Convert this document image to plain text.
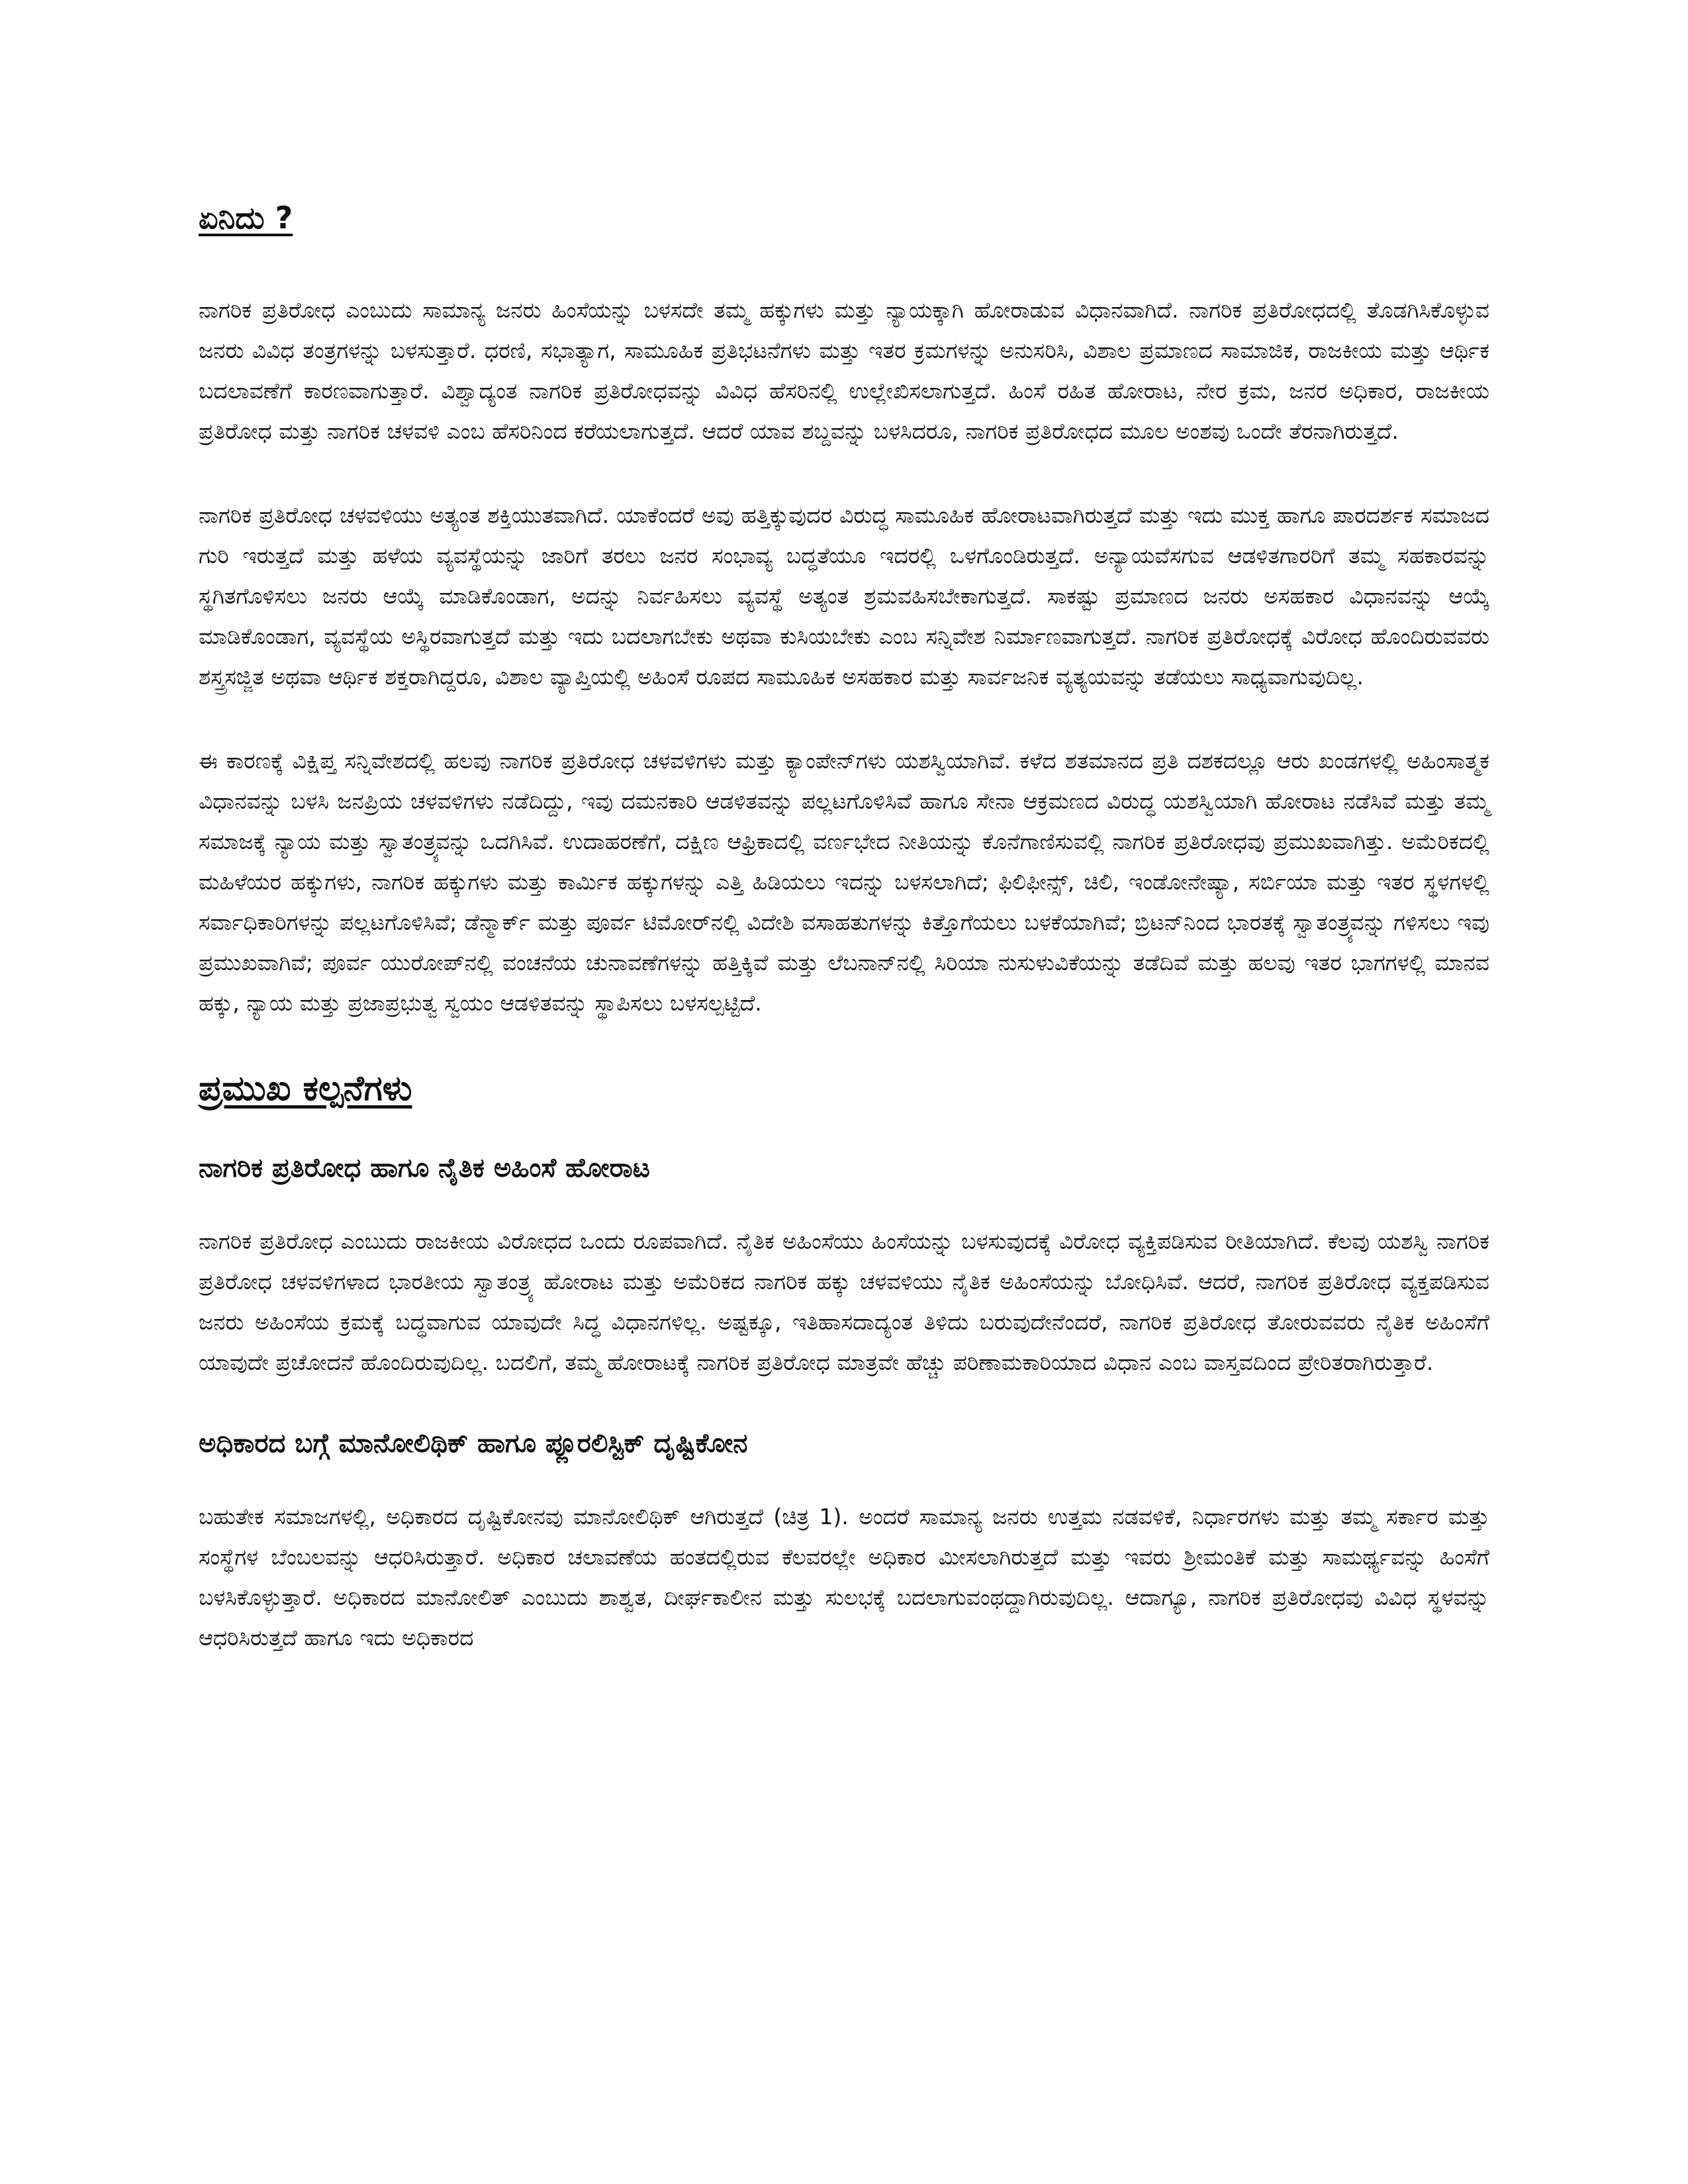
ಏನಿದು ?

ನಾಗರಿಕ ಪ್ರತಿರೋಧ ಎಂಬುದು ಸಾಮಾನ್ಯ ಜನರು ಹಿಂಸೆಯನ್ನು ಬಳಸದೇ ತಮ್ಮ ಹಕ್ಕುಗಳು ಮತ್ತು ನ್ಯಾಯಕ್ಕಾಗಿ ಹೋರಾಡುವ ವಿಧಾನವಾಗಿದೆ. ನಾಗರಿಕ ಪ್ರತಿರೋಧದಲ್ಲಿ ತೊಡಗಿಸಿಕೊಳ್ಳುವ ಜನರು ವಿವಿಧ ತಂತ್ರಗಳನ್ನು ಬಳಸುತ್ತಾರೆ. ಧರಣಿ, ಸಭಾತ್ಯಾಗ, ಸಾಮೂಹಿಕ ಪ್ರತಿಭಟನೆಗಳು ಮತ್ತು ಇತರ ಕ್ರಮಗಳನ್ನು ಅನುಸರಿಸಿ, ವಿಶಾಲ ಪ್ರಮಾಣದ ಸಾಮಾಜಿಕ, ರಾಜಕೀಯ ಮತ್ತು ಆರ್ಥಿಕ ಬದಲಾವಣೆಗೆ ಕಾರಣವಾಗುತ್ತಾರೆ. ವಿಶ್ವಾದ್ಯಂತ ನಾಗರಿಕ ಪ್ರತಿರೋಧವನ್ನು ವಿವಿಧ ಹೆಸರಿನಲ್ಲಿ ಉಲ್ಲೇಖಿಸಲಾಗುತ್ತದೆ. ಹಿಂಸೆ ರಹಿತ ಹೋರಾಟ, ನೇರ ಕ್ರಮ, ಜನರ ಅಧಿಕಾರ, ರಾಜಕೀಯ ಪ್ರತಿರೋಧ ಮತ್ತು ನಾಗರಿಕ ಚಳವಳಿ ಎಂಬ ಹೆಸರಿನಿಂದ ಕರೆಯಲಾಗುತ್ತದೆ. ಆದರೆ ಯಾವ ಶಬ್ದವನ್ನು ಬಳಸಿದರೂ, ನಾಗರಿಕ ಪ್ರತಿರೋಧದ ಮೂಲ ಅಂಶವು ಒಂದೇ ತೆರನಾಗಿರುತ್ತದೆ.

ನಾಗರಿಕ ಪ್ರತಿರೋಧ ಚಳವಳಿಯು ಅತ್ಯಂತ ಶಕ್ತಿಯುತವಾಗಿದೆ. ಯಾಕೆಂದರೆ ಅವು ಹತ್ತಿಕ್ಕುವುದರ ವಿರುದ್ಧ ಸಾಮೂಹಿಕ ಹೋರಾಟವಾಗಿರುತ್ತದೆ ಮತ್ತು ಇದು ಮುಕ್ತ ಹಾಗೂ ಪಾರದರ್ಶಕ ಸಮಾಜದ ಗುರಿ ಇರುತ್ತದೆ ಮತ್ತು ಹಳೆಯ ವ್ಯವಸ್ಥೆಯನ್ನು ಜಾರಿಗೆ ತರಲು ಜನರ ಸಂಭಾವ್ಯ ಬದ್ಧತೆಯೂ ಇದರಲ್ಲಿ ಒಳಗೊಂಡಿರುತ್ತದೆ. ಅನ್ಯಾಯವೆಸಗುವ ಆಡಳಿತಗಾರರಿಗೆ ತಮ್ಮ ಸಹಕಾರವನ್ನು ಸ್ಥಗಿತಗೊಳಿಸಲು ಜನರು ಆಯ್ಕೆ ಮಾಡಿಕೊಂಡಾಗ, ಅದನ್ನು ನಿರ್ವಹಿಸಲು ವ್ಯವಸ್ಥೆ ಅತ್ಯಂತ ಶ್ರಮವಹಿಸಬೇಕಾಗುತ್ತದೆ. ಸಾಕಷ್ಟು ಪ್ರಮಾಣದ ಜನರು ಅಸಹಕಾರ ವಿಧಾನವನ್ನು ಆಯ್ಕೆ ಮಾಡಿಕೊಂಡಾಗ, ವ್ಯವಸ್ಥೆಯ ಅಸ್ಥಿರವಾಗುತ್ತದೆ ಮತ್ತು ಇದು ಬದಲಾಗಬೇಕು ಅಥವಾ ಕುಸಿಯಬೇಕು ಎಂಬ ಸನ್ನಿವೇಶ ನಿರ್ಮಾಣವಾಗುತ್ತದೆ. ನಾಗರಿಕ ಪ್ರತಿರೋಧಕ್ಕೆ ವಿರೋಧ ಹೊಂದಿರುವವರು ಶಸ್ತ್ರಸಜ್ಜಿತ ಅಥವಾ ಆರ್ಥಿಕ ಶಕ್ತರಾಗಿದ್ದರೂ, ವಿಶಾಲ ವ್ಯಾಪ್ತಿಯಲ್ಲಿ ಅಹಿಂಸೆ ರೂಪದ ಸಾಮೂಹಿಕ ಅಸಹಕಾರ ಮತ್ತು ಸಾರ್ವಜನಿಕ ವ್ಯತ್ಯಯವನ್ನು ತಡೆಯಲು ಸಾಧ್ಯವಾಗುವುದಿಲ್ಲ.

ಈ ಕಾರಣಕ್ಕೆ ವಿಕ್ಷಿಪ್ತ ಸನ್ನಿವೇಶದಲ್ಲಿ ಹಲವು ನಾಗರಿಕ ಪ್ರತಿರೋಧ ಚಳವಳಿಗಳು ಮತ್ತು ಕ್ಯಾಂಪೇನ್‌ಗಳು ಯಶಸ್ವಿಯಾಗಿವೆ. ಕಳೆದ ಶತಮಾನದ ಪ್ರತಿ ದಶಕದಲ್ಲೂ ಆರು ಖಂಡಗಳಲ್ಲಿ ಅಹಿಂಸಾತ್ಮಕ ವಿಧಾನವನ್ನು ಬಳಸಿ ಜನಪ್ರಿಯ ಚಳವಳಿಗಳು ನಡೆದಿದ್ದು, ಇವು ದಮನಕಾರಿ ಆಡಳಿತವನ್ನು ಪಲ್ಲಟಗೊಳಿಸಿವೆ ಹಾಗೂ ಸೇನಾ ಆಕ್ರಮಣದ ವಿರುದ್ಧ ಯಶಸ್ವಿಯಾಗಿ ಹೋರಾಟ ನಡೆಸಿವೆ ಮತ್ತು ತಮ್ಮ ಸಮಾಜಕ್ಕೆ ನ್ಯಾಯ ಮತ್ತು ಸ್ವಾತಂತ್ರ್ಯವನ್ನು ಒದಗಿಸಿವೆ. ಉದಾಹರಣೆಗೆ, ದಕ್ಷಿಣ ಆಫ್ರಿಕಾದಲ್ಲಿ ವರ್ಣಭೇದ ನೀತಿಯನ್ನು ಕೊನೆಗಾಣಿಸುವಲ್ಲಿ ನಾಗರಿಕ ಪ್ರತಿರೋಧವು ಪ್ರಮುಖವಾಗಿತ್ತು. ಅಮೆರಿಕದಲ್ಲಿ ಮಹಿಳೆಯರ ಹಕ್ಕುಗಳು, ನಾಗರಿಕ ಹಕ್ಕುಗಳು ಮತ್ತು ಕಾರ್ಮಿಕ ಹಕ್ಕುಗಳನ್ನು ಎತ್ತಿ ಹಿಡಿಯಲು ಇದನ್ನು ಬಳಸಲಾಗಿದೆ; ಫಿಲಿಫೀನ್ಸ್, ಚಿಲಿ, ಇಂಡೋನೇಷ್ಯಾ, ಸರ್ಬಿಯಾ ಮತ್ತು ಇತರ ಸ್ಥಳಗಳಲ್ಲಿ ಸರ್ವಾಧಿಕಾರಿಗಳನ್ನು ಪಲ್ಲಟಗೊಳಿಸಿವೆ; ಡೆನ್ಮಾರ್ಕ್ ಮತ್ತು ಪೂರ್ವ ಟಿಮೋರ್‌ನಲ್ಲಿ ವಿದೇಶಿ ವಸಾಹತುಗಳನ್ನು ಕಿತ್ತೊಗೆಯಲು ಬಳಕೆಯಾಗಿವೆ; ಬ್ರಿಟನ್‌ನಿಂದ ಭಾರತಕ್ಕೆ ಸ್ವಾತಂತ್ರ್ಯವನ್ನು ಗಳಿಸಲು ಇವು ಪ್ರಮುಖವಾಗಿವೆ; ಪೂರ್ವ ಯುರೋಪ್‌ನಲ್ಲಿ ವಂಚನೆಯ ಚುನಾವಣೆಗಳನ್ನು ಹತ್ತಿಕ್ಕಿವೆ ಮತ್ತು ಲೆಬನಾನ್‌ನಲ್ಲಿ ಸಿರಿಯಾ ನುಸುಳುವಿಕೆಯನ್ನು ತಡೆದಿವೆ ಮತ್ತು ಹಲವು ಇತರ ಭಾಗಗಳಲ್ಲಿ ಮಾನವ ಹಕ್ಕು, ನ್ಯಾಯ ಮತ್ತು ಪ್ರಜಾಪ್ರಭುತ್ವ ಸ್ವಯಂ ಆಡಳಿತವನ್ನು ಸ್ಥಾಪಿಸಲು ಬಳಸಲ್ಪಟ್ಟಿದೆ.

ಪ್ರಮುಖ ಕಲ್ಪನೆಗಳು
ನಾಗರಿಕ ಪ್ರತಿರೋಧ ಹಾಗೂ ನೈತಿಕ ಅಹಿಂಸೆ ಹೋರಾಟ

ನಾಗರಿಕ ಪ್ರತಿರೋಧ ಎಂಬುದು ರಾಜಕೀಯ ವಿರೋಧದ ಒಂದು ರೂಪವಾಗಿದೆ. ನೈತಿಕ ಅಹಿಂಸೆಯು ಹಿಂಸೆಯನ್ನು ಬಳಸುವುದಕ್ಕೆ ವಿರೋಧ ವ್ಯಕ್ತಿಪಡಿಸುವ ರೀತಿಯಾಗಿದೆ. ಕೆಲವು ಯಶಸ್ವಿ ನಾಗರಿಕ ಪ್ರತಿರೋಧ ಚಳವಳಿಗಳಾದ ಭಾರತೀಯ ಸ್ವಾತಂತ್ರ್ಯ ಹೋರಾಟ ಮತ್ತು ಅಮೆರಿಕದ ನಾಗರಿಕ ಹಕ್ಕು ಚಳವಳಿಯು ನೈತಿಕ ಅಹಿಂಸೆಯನ್ನು ಬೋಧಿಸಿವೆ. ಆದರೆ, ನಾಗರಿಕ ಪ್ರತಿರೋಧ ವ್ಯಕ್ತಪಡಿಸುವ ಜನರು ಅಹಿಂಸೆಯ ಕ್ರಮಕ್ಕೆ ಬದ್ಧವಾಗುವ ಯಾವುದೇ ಸಿದ್ಧ ವಿಧಾನಗಳಿಲ್ಲ. ಅಷ್ಟಕ್ಕೂ, ಇತಿಹಾಸದಾದ್ಯಂತ ತಿಳಿದು ಬರುವುದೇನೆಂದರೆ, ನಾಗರಿಕ ಪ್ರತಿರೋಧ ತೋರುವವರು ನೈತಿಕ ಅಹಿಂಸೆಗೆ ಯಾವುದೇ ಪ್ರಚೋದನೆ ಹೊಂದಿರುವುದಿಲ್ಲ. ಬದಲಿಗೆ, ತಮ್ಮ ಹೋರಾಟಕ್ಕೆ ನಾಗರಿಕ ಪ್ರತಿರೋಧ ಮಾತ್ರವೇ ಹೆಚ್ಚು ಪರಿಣಾಮಕಾರಿಯಾದ ವಿಧಾನ ಎಂಬ ವಾಸ್ತವದಿಂದ ಪ್ರೇರಿತರಾಗಿರುತ್ತಾರೆ.

ಅಧಿಕಾರದ ಬಗ್ಗೆ ಮಾನೋಲಿಥಿಕ್ ಹಾಗೂ ಪ್ಲೂರಲಿಸ್ಟಿಕ್ ದೃಷ್ಟಿಕೋನ

ಬಹುತೇಕ ಸಮಾಜಗಳಲ್ಲಿ, ಅಧಿಕಾರದ ದೃಷ್ಟಿಕೋನವು ಮಾನೋಲಿಥಿಕ್ ಆಗಿರುತ್ತದೆ (ಚಿತ್ರ 1). ಅಂದರೆ ಸಾಮಾನ್ಯ ಜನರು ಉತ್ತಮ ನಡವಳಿಕೆ, ನಿರ್ಧಾರಗಳು ಮತ್ತು ತಮ್ಮ ಸರ್ಕಾರ ಮತ್ತು ಸಂಸ್ಥೆಗಳ ಬೆಂಬಲವನ್ನು ಆಧರಿಸಿರುತ್ತಾರೆ. ಅಧಿಕಾರ ಚಲಾವಣೆಯ ಹಂತದಲ್ಲಿರುವ ಕೆಲವರಲ್ಲೇ ಅಧಿಕಾರ ಮೀಸಲಾಗಿರುತ್ತದೆ ಮತ್ತು ಇವರು ಶ್ರೀಮಂತಿಕೆ ಮತ್ತು ಸಾಮರ್ಥ್ಯವನ್ನು ಹಿಂಸೆಗೆ ಬಳಸಿಕೊಳ್ಳುತ್ತಾರೆ. ಅಧಿಕಾರದ ಮಾನೋಲಿತ್ ಎಂಬುದು ಶಾಶ್ವತ, ದೀರ್ಘಕಾಲೀನ ಮತ್ತು ಸುಲಭಕ್ಕೆ ಬದಲಾಗುವಂಥದ್ದಾಗಿರುವುದಿಲ್ಲ. ಆದಾಗ್ಯೂ, ನಾಗರಿಕ ಪ್ರತಿರೋಧವು ವಿವಿಧ ಸ್ಥಳವನ್ನು ಆಧರಿಸಿರುತ್ತದೆ ಹಾಗೂ ಇದು ಅಧಿಕಾರದ
